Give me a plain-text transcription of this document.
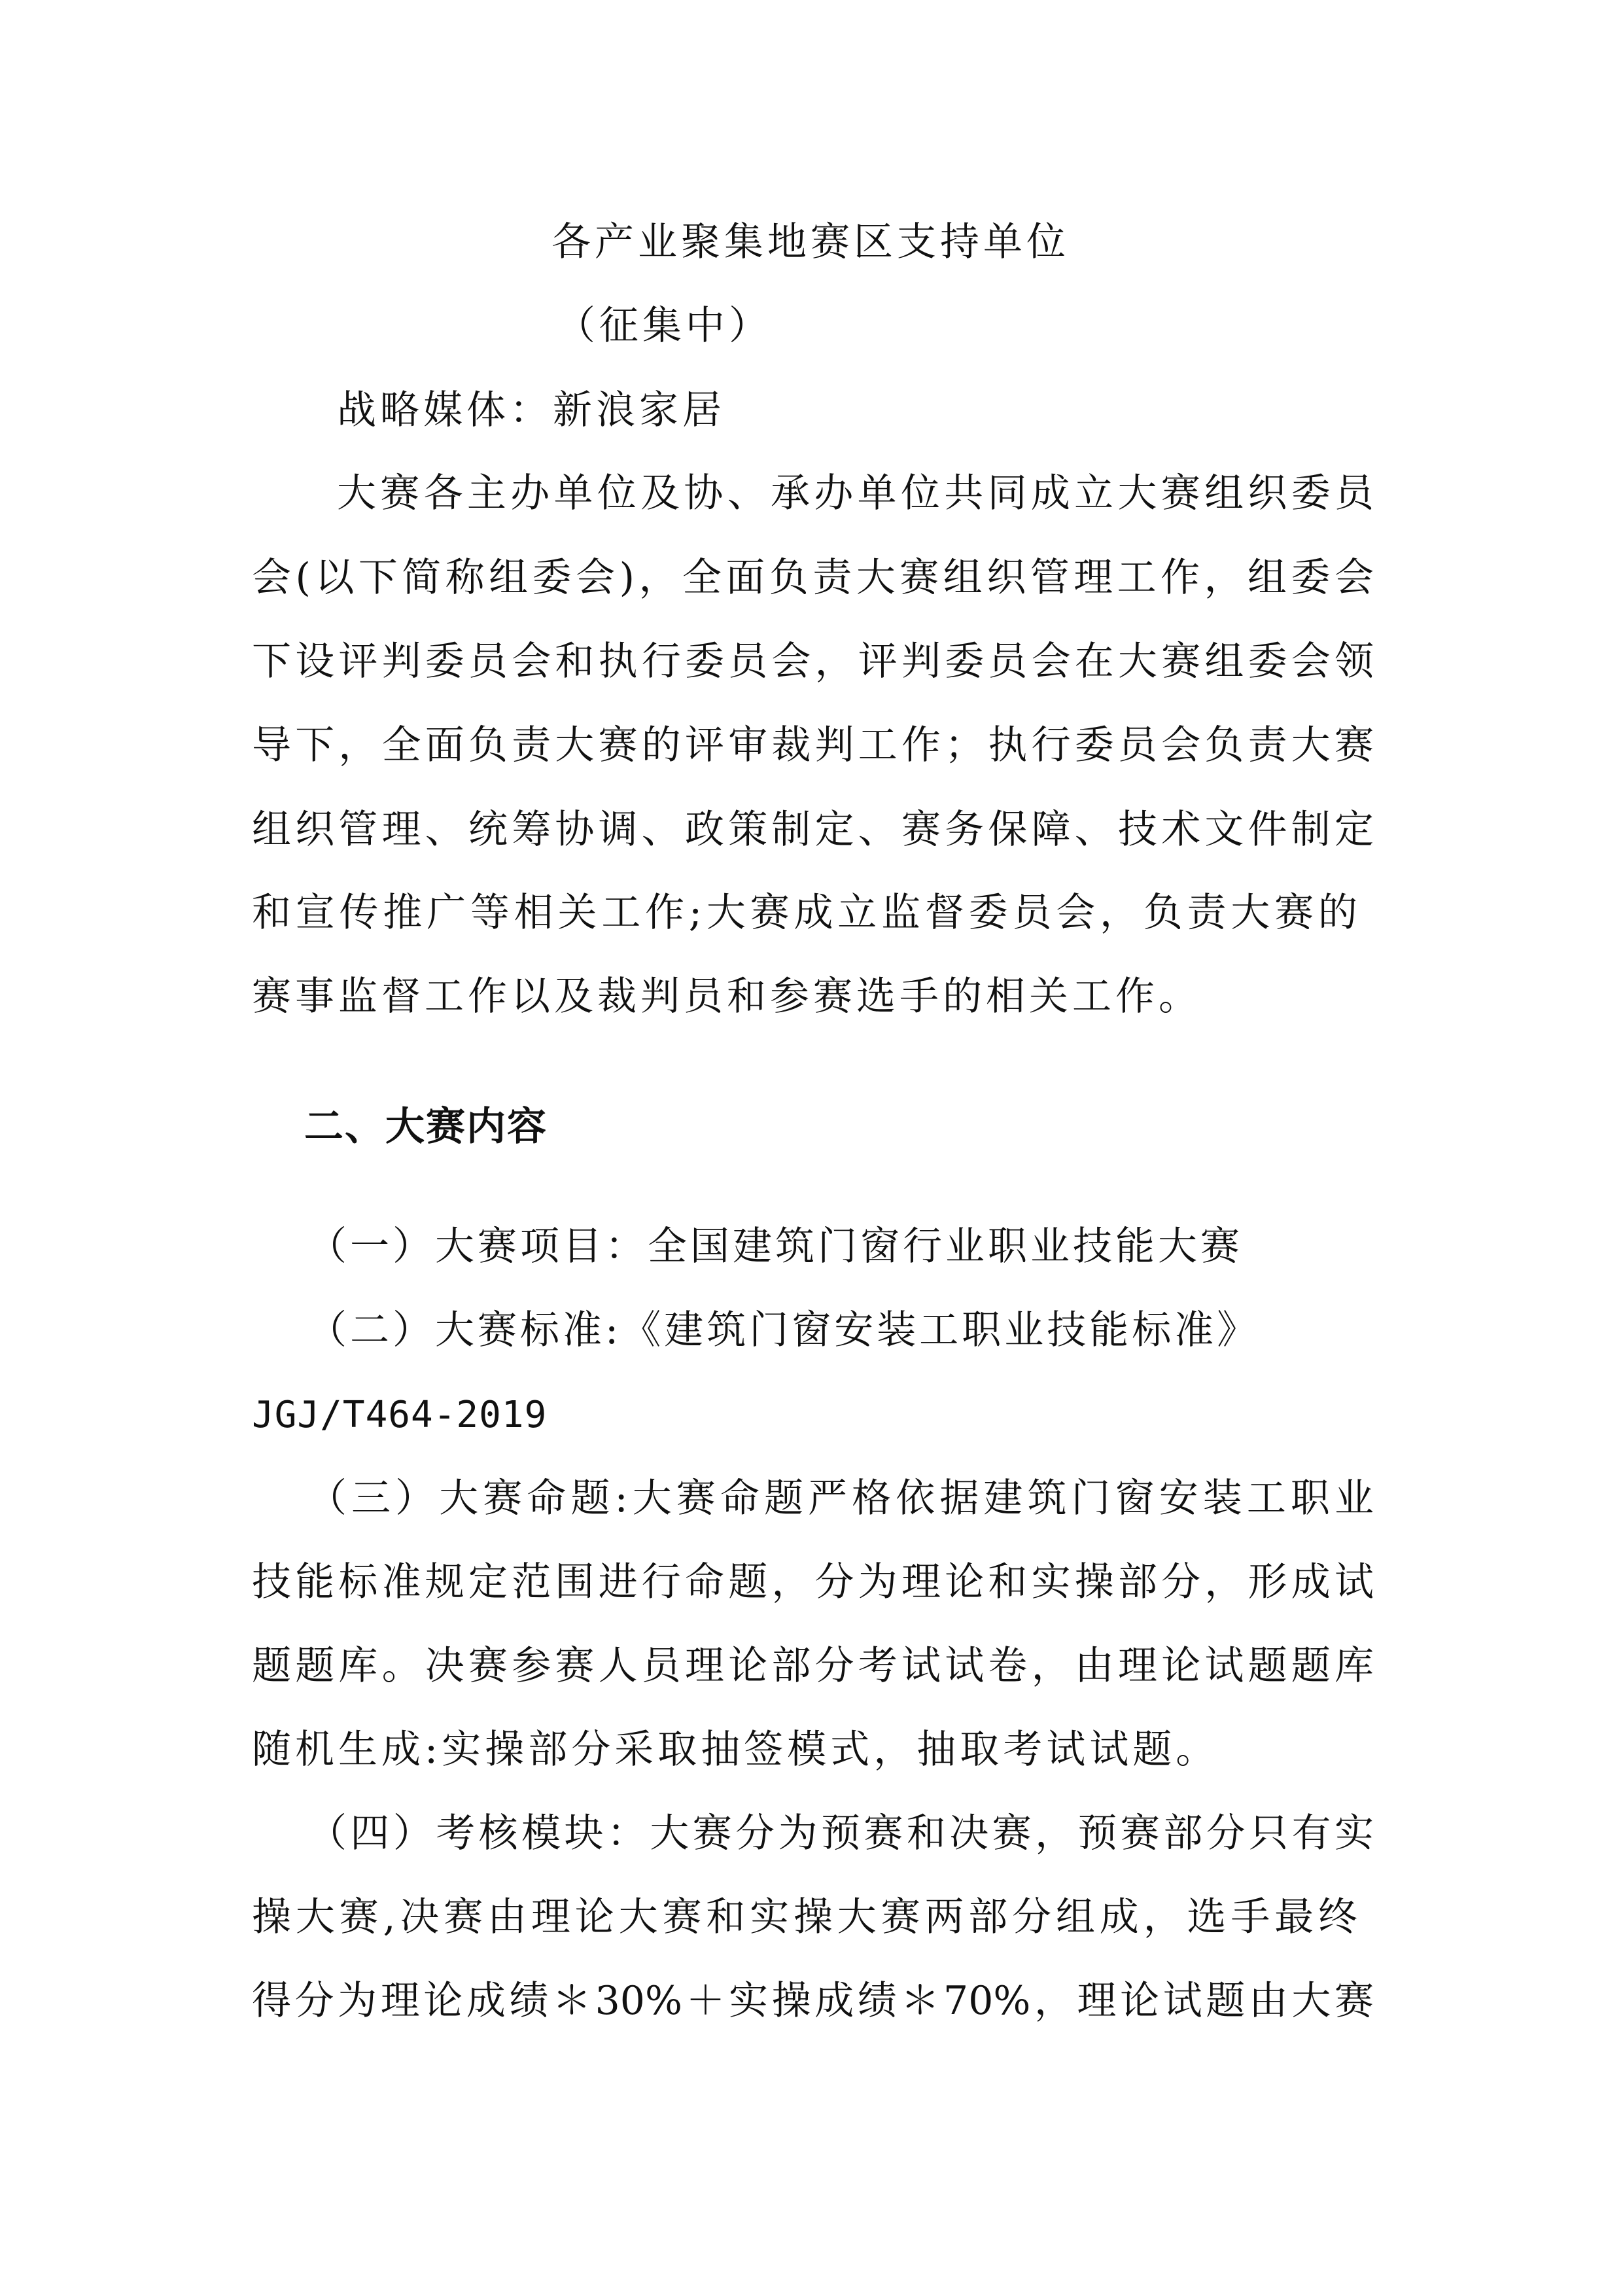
各产业聚集地赛区支持单位
（征集中）
战略媒体：新浪家居
大赛各主办单位及协、承办单位共同成立大赛组织委员
会(以下简称组委会)，全面负责大赛组织管理工作，组委会
下设评判委员会和执行委员会，评判委员会在大赛组委会领
导下，全面负责大赛的评审裁判工作；执行委员会负责大赛
组织管理、统筹协调、政策制定、赛务保障、技术文件制定
和宣传推广等相关工作;大赛成立监督委员会，负责大赛的
赛事监督工作以及裁判员和参赛选手的相关工作。
二、大赛内容
（一）大赛项目：全国建筑门窗行业职业技能大赛
（二）大赛标准:《建筑门窗安装工职业技能标准》
JGJ/T464-2019
（三）大赛命题:大赛命题严格依据建筑门窗安装工职业
技能标准规定范围进行命题，分为理论和实操部分，形成试
题题库。决赛参赛人员理论部分考试试卷，由理论试题题库
随机生成:实操部分采取抽签模式，抽取考试试题。
（四）考核模块：大赛分为预赛和决赛，预赛部分只有实
操大赛,决赛由理论大赛和实操大赛两部分组成，选手最终
得分为理论成绩＊30%＋实操成绩＊70%，理论试题由大赛
